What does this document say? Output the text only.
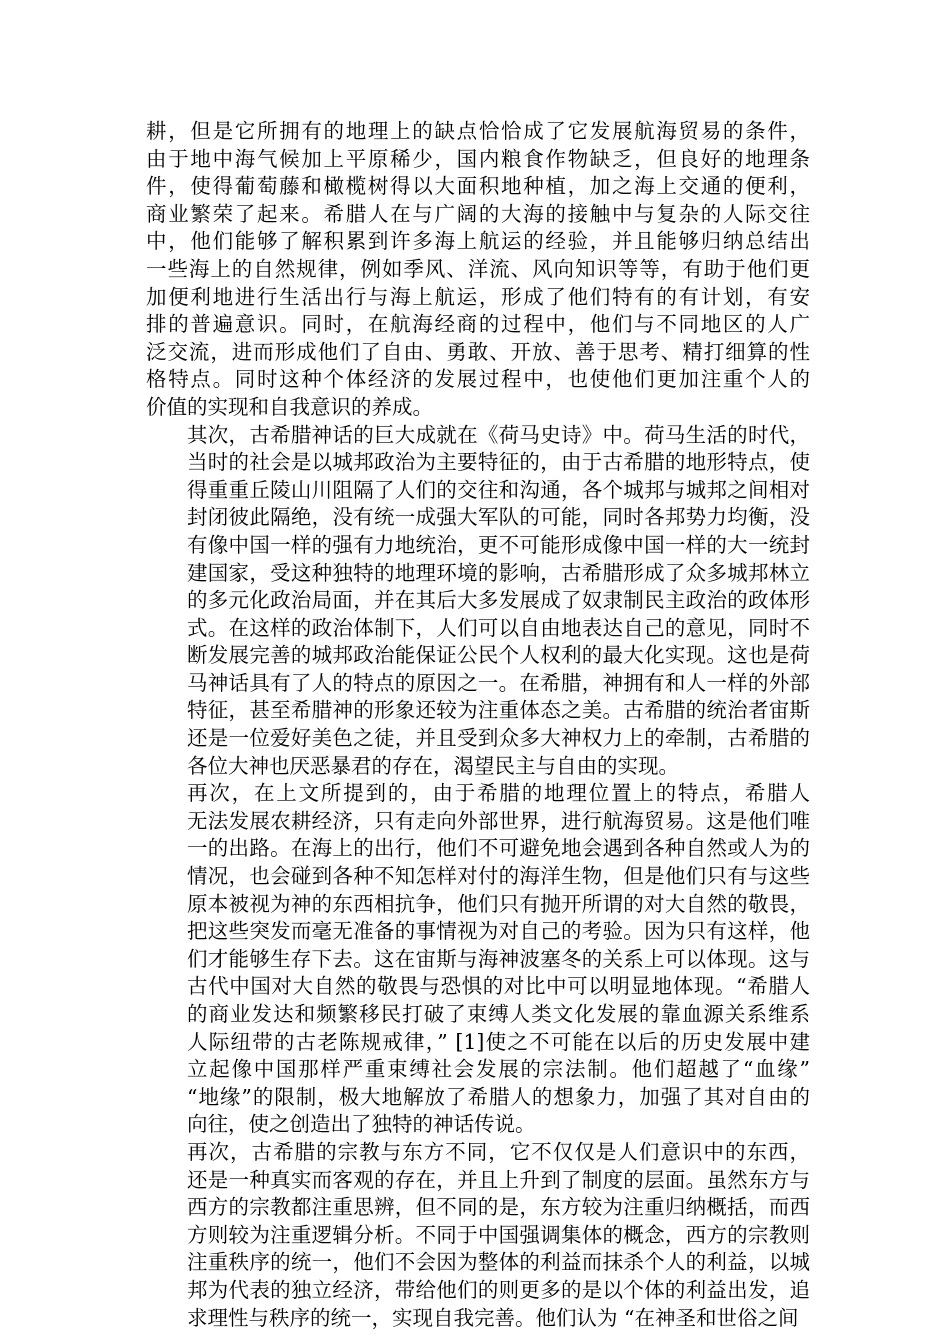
耕，但是它所拥有的地理上的缺点恰恰成了它发展航海贸易的条件，
由于地中海气候加上平原稀少，国内粮食作物缺乏，但良好的地理条
件，使得葡萄藤和橄榄树得以大面积地种植，加之海上交通的便利，
商业繁荣了起来。希腊人在与广阔的大海的接触中与复杂的人际交往
中，他们能够了解积累到许多海上航运的经验，并且能够归纳总结出
一些海上的自然规律，例如季风、洋流、风向知识等等，有助于他们更
加便利地进行生活出行与海上航运，形成了他们特有的有计划，有安
排的普遍意识。同时，在航海经商的过程中，他们与不同地区的人广
泛交流，进而形成他们了自由、勇敢、开放、善于思考、精打细算的性
格特点。同时这种个体经济的发展过程中，也使他们更加注重个人的
价值的实现和自我意识的养成。
其次，古希腊神话的巨大成就在《荷马史诗》中。荷马生活的时代，
当时的社会是以城邦政治为主要特征的，由于古希腊的地形特点，使
得重重丘陵山川阻隔了人们的交往和沟通，各个城邦与城邦之间相对
封闭彼此隔绝，没有统一成强大军队的可能，同时各邦势力均衡，没
有像中国一样的强有力地统治，更不可能形成像中国一样的大一统封
建国家，受这种独特的地理环境的影响，古希腊形成了众多城邦林立
的多元化政治局面，并在其后大多发展成了奴隶制民主政治的政体形
式。在这样的政治体制下，人们可以自由地表达自己的意见，同时不
断发展完善的城邦政治能保证公民个人权利的最大化实现。这也是荷
马神话具有了人的特点的原因之一。在希腊，神拥有和人一样的外部
特征，甚至希腊神的形象还较为注重体态之美。古希腊的统治者宙斯
还是一位爱好美色之徒，并且受到众多大神权力上的牵制，古希腊的
各位大神也厌恶暴君的存在，渴望民主与自由的实现。
再次，在上文所提到的，由于希腊的地理位置上的特点，希腊人
无法发展农耕经济，只有走向外部世界，进行航海贸易。这是他们唯
一的出路。在海上的出行，他们不可避免地会遇到各种自然或人为的
情况，也会碰到各种不知怎样对付的海洋生物，但是他们只有与这些
原本被视为神的东西相抗争，他们只有抛开所谓的对大自然的敬畏，
把这些突发而毫无准备的事情视为对自己的考验。因为只有这样，他
们才能够生存下去。这在宙斯与海神波塞冬的关系上可以体现。这与
古代中国对大自然的敬畏与恐惧的对比中可以明显地体现。“希腊人
的商业发达和频繁移民打破了束缚人类文化发展的靠血源关系维系
人际纽带的古老陈规戒律，” [1]使之不可能在以后的历史发展中建
立起像中国那样严重束缚社会发展的宗法制。他们超越了“血缘”
“地缘”的限制，极大地解放了希腊人的想象力，加强了其对自由的
向往，使之创造出了独特的神话传说。
再次，古希腊的宗教与东方不同，它不仅仅是人们意识中的东西，
还是一种真实而客观的存在，并且上升到了制度的层面。虽然东方与
西方的宗教都注重思辨，但不同的是，东方较为注重归纳概括，而西
方则较为注重逻辑分析。不同于中国强调集体的概念，西方的宗教则
注重秩序的统一，他们不会因为整体的利益而抹杀个人的利益，以城
邦为代表的独立经济，带给他们的则更多的是以个体的利益出发，追
求理性与秩序的统一，实现自我完善。他们认为 “在神圣和世俗之间
